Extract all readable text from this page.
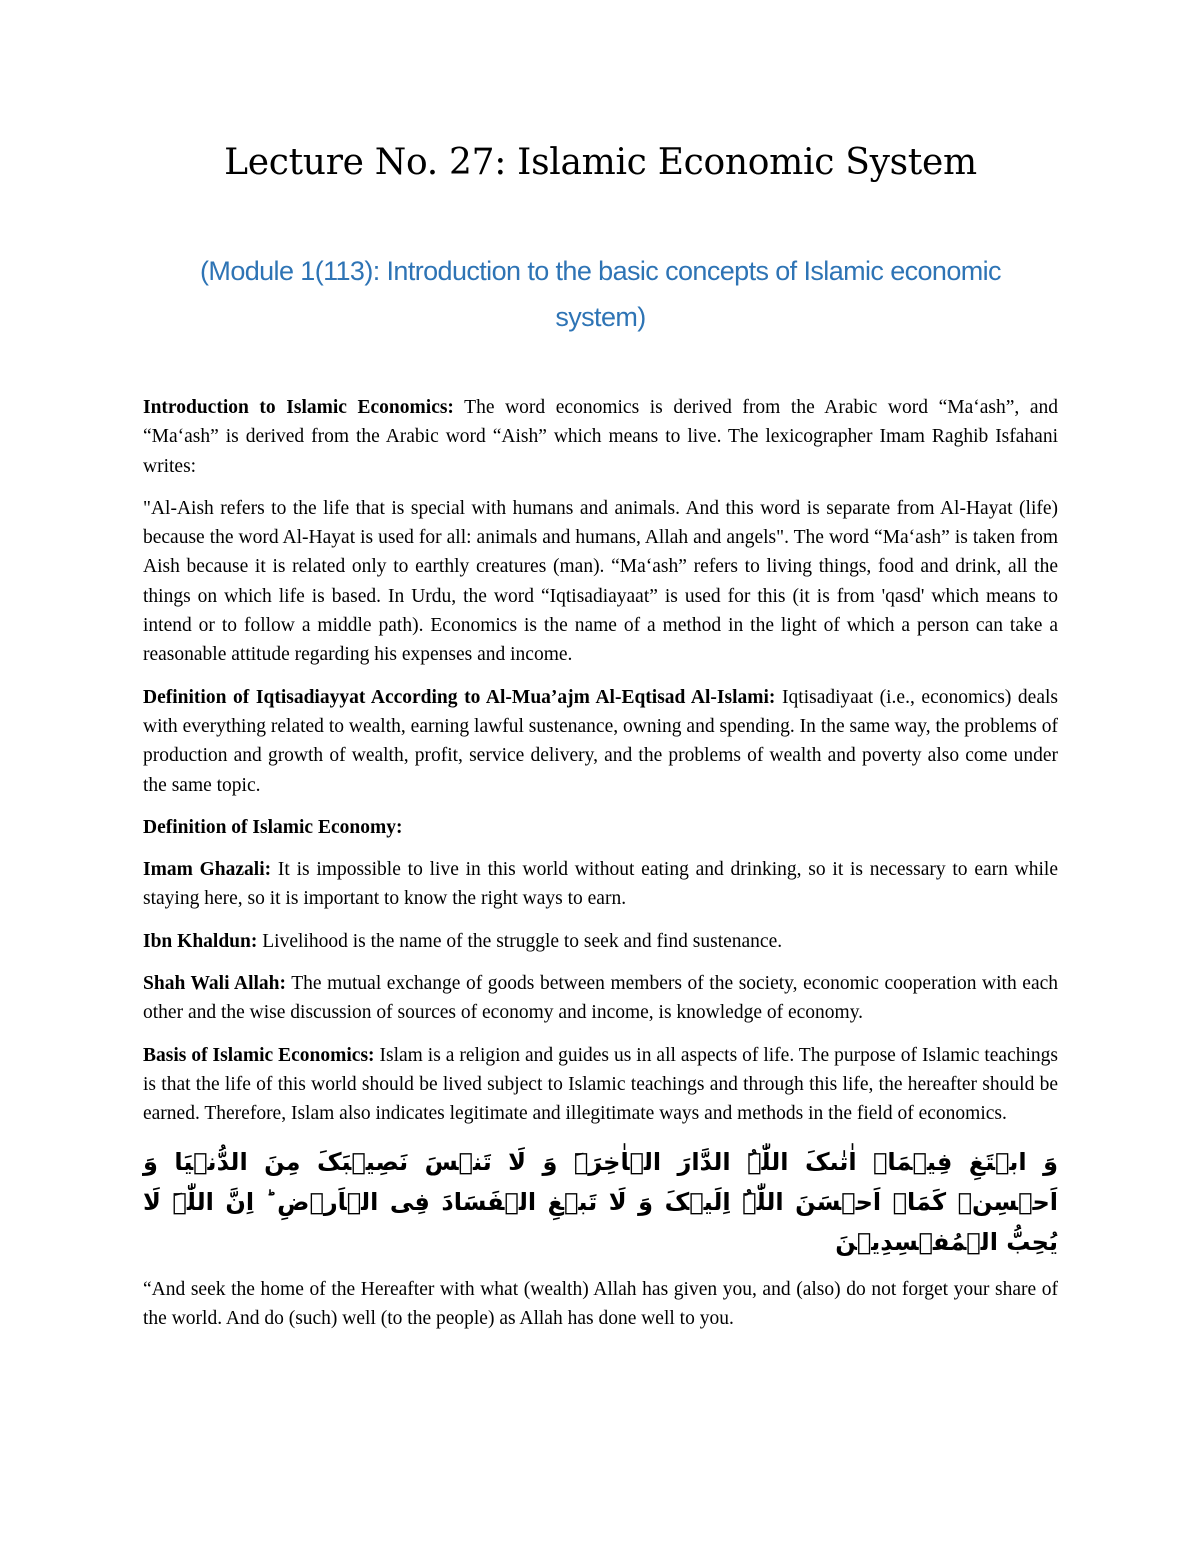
Lecture No. 27: Islamic Economic System
(Module 1(113): Introduction to the basic concepts of Islamic economic system)

Introduction to Islamic Economics: The word economics is derived from the Arabic word “Ma‘ash”, and “Ma‘ash” is derived from the Arabic word “Aish” which means to live. The lexicographer Imam Raghib Isfahani writes:

"Al-Aish refers to the life that is special with humans and animals. And this word is separate from Al-Hayat (life) because the word Al-Hayat is used for all: animals and humans, Allah and angels". The word “Ma‘ash” is taken from Aish because it is related only to earthly creatures (man). “Ma‘ash” refers to living things, food and drink, all the things on which life is based. In Urdu, the word “Iqtisadiayaat” is used for this (it is from 'qasd' which means to intend or to follow a middle path). Economics is the name of a method in the light of which a person can take a reasonable attitude regarding his expenses and income.

Definition of Iqtisadiayyat According to Al-Mua’ajm Al-Eqtisad Al-Islami: Iqtisadiyaat (i.e., economics) deals with everything related to wealth, earning lawful sustenance, owning and spending. In the same way, the problems of production and growth of wealth, profit, service delivery, and the problems of wealth and poverty also come under the same topic.

Definition of Islamic Economy:

Imam Ghazali: It is impossible to live in this world without eating and drinking, so it is necessary to earn while staying here, so it is important to know the right ways to earn.

Ibn Khaldun: Livelihood is the name of the struggle to seek and find sustenance.

Shah Wali Allah: The mutual exchange of goods between members of the society, economic cooperation with each other and the wise discussion of sources of economy and income, is knowledge of economy.

Basis of Islamic Economics: Islam is a religion and guides us in all aspects of life. The purpose of Islamic teachings is that the life of this world should be lived subject to Islamic teachings and through this life, the hereafter should be earned. Therefore, Islam also indicates legitimate and illegitimate ways and methods in the field of economics.

وَ ابۡتَغِ فِیۡمَاۤ اٰتٰىکَ اللّٰہُ الدَّارَ الۡاٰخِرَۃَ وَ لَا تَنۡسَ نَصِیۡبَکَ مِنَ الدُّنۡیَا وَ اَحۡسِنۡ کَمَاۤ اَحۡسَنَ اللّٰہُ اِلَیۡکَ وَ لَا تَبۡغِ الۡفَسَادَ فِی الۡاَرۡضِ ؕ اِنَّ اللّٰہَ لَا یُحِبُّ الۡمُفۡسِدِیۡنَ

“And seek the home of the Hereafter with what (wealth) Allah has given you, and (also) do not forget your share of the world. And do (such) well (to the people) as Allah has done well to you.
